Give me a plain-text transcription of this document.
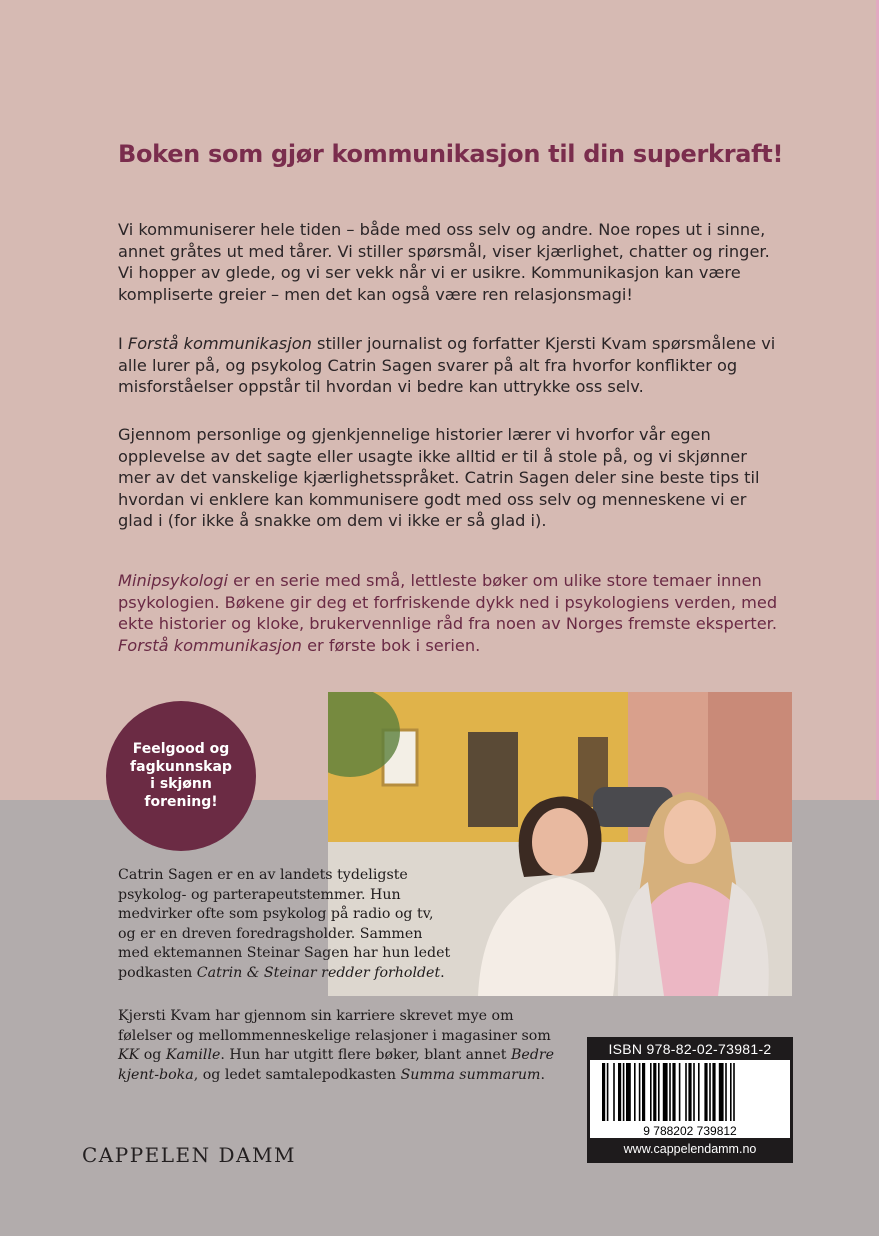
Boken som gjør kommunikasjon til din superkraft!

Vi kommuniserer hele tiden – både med oss selv og andre. Noe ropes ut i sinne, annet gråtes ut med tårer. Vi stiller spørsmål, viser kjærlighet, chatter og ringer. Vi hopper av glede, og vi ser vekk når vi er usikre. Kommunikasjon kan være kompliserte greier – men det kan også være ren relasjonsmagi!

I Forstå kommunikasjon stiller journalist og forfatter Kjersti Kvam spørsmålene vi alle lurer på, og psykolog Catrin Sagen svarer på alt fra hvorfor konflikter og misforståelser oppstår til hvordan vi bedre kan uttrykke oss selv.

Gjennom personlige og gjenkjennelige historier lærer vi hvorfor vår egen opplevelse av det sagte eller usagte ikke alltid er til å stole på, og vi skjønner mer av det vanskelige kjærlighetsspråket. Catrin Sagen deler sine beste tips til hvordan vi enklere kan kommunisere godt med oss selv og menneskene vi er glad i (for ikke å snakke om dem vi ikke er så glad i).

Minipsykologi er en serie med små, lettleste bøker om ulike store temaer innen psykologien. Bøkene gir deg et forfriskende dykk ned i psykologiens verden, med ekte historier og kloke, brukervennlige råd fra noen av Norges fremste eksperter. Forstå kommunikasjon er første bok i serien.

Feelgood og
fagkunnskap
i skjønn
forening!
Catrin Sagen er en av landets tydeligste
psykolog- og parterapeutstemmer. Hun
medvirker ofte som psykolog på radio og tv,
og er en dreven foredragsholder. Sammen
med ektemannen Steinar Sagen har hun ledet
podkasten Catrin & Steinar redder forholdet.
Kjersti Kvam har gjennom sin karriere skrevet mye om
følelser og mellommenneskelige relasjoner i magasiner som
KK og Kamille. Hun har utgitt flere bøker, blant annet Bedre
kjent-boka, og ledet samtalepodkasten Summa summarum.
CAPPELEN DAMM
ISBN 978-82-02-73981-2
9 788202 739812
www.cappelendamm.no
